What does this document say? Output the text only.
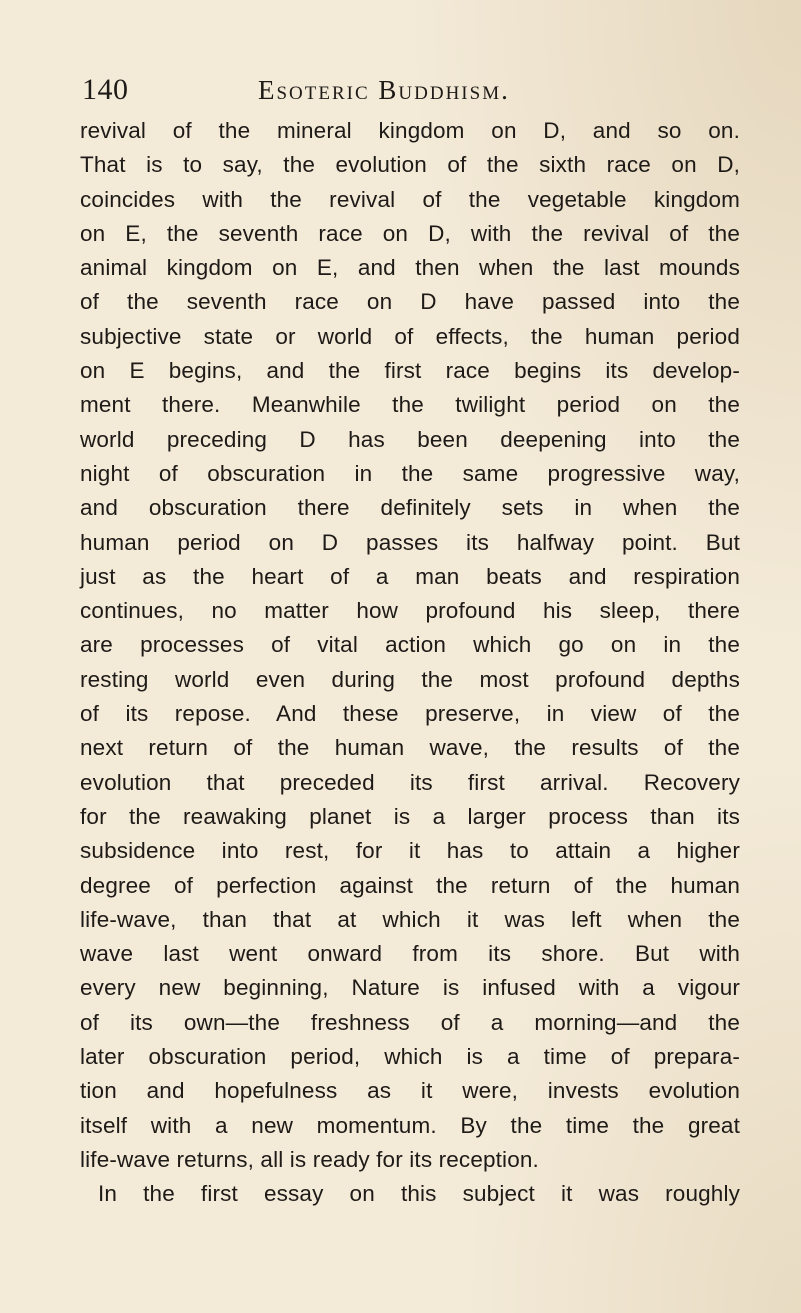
140	Esoteric Buddhism.
revival of the mineral kingdom on D, and so on.
That is to say, the evolution of the sixth race on D,
coincides with the revival of the vegetable kingdom
on E, the seventh race on D, with the revival of the
animal kingdom on E, and then when the last mounds
of the seventh race on D have passed into the
subjective state or world of effects, the human period
on E begins, and the first race begins its develop-
ment there. Meanwhile the twilight period on the
world preceding D has been deepening into the
night of obscuration in the same progressive way,
and obscuration there definitely sets in when the
human period on D passes its halfway point. But
just as the heart of a man beats and respiration
continues, no matter how profound his sleep, there
are processes of vital action which go on in the
resting world even during the most profound depths
of its repose. And these preserve, in view of the
next return of the human wave, the results of the
evolution that preceded its first arrival. Recovery
for the reawaking planet is a larger process than its
subsidence into rest, for it has to attain a higher
degree of perfection against the return of the human
life-wave, than that at which it was left when the
wave last went onward from its shore. But with
every new beginning, Nature is infused with a vigour
of its own—the freshness of a morning—and the
later obscuration period, which is a time of prepara-
tion and hopefulness as it were, invests evolution
itself with a new momentum. By the time the great
life-wave returns, all is ready for its reception.
In the first essay on this subject it was roughly
